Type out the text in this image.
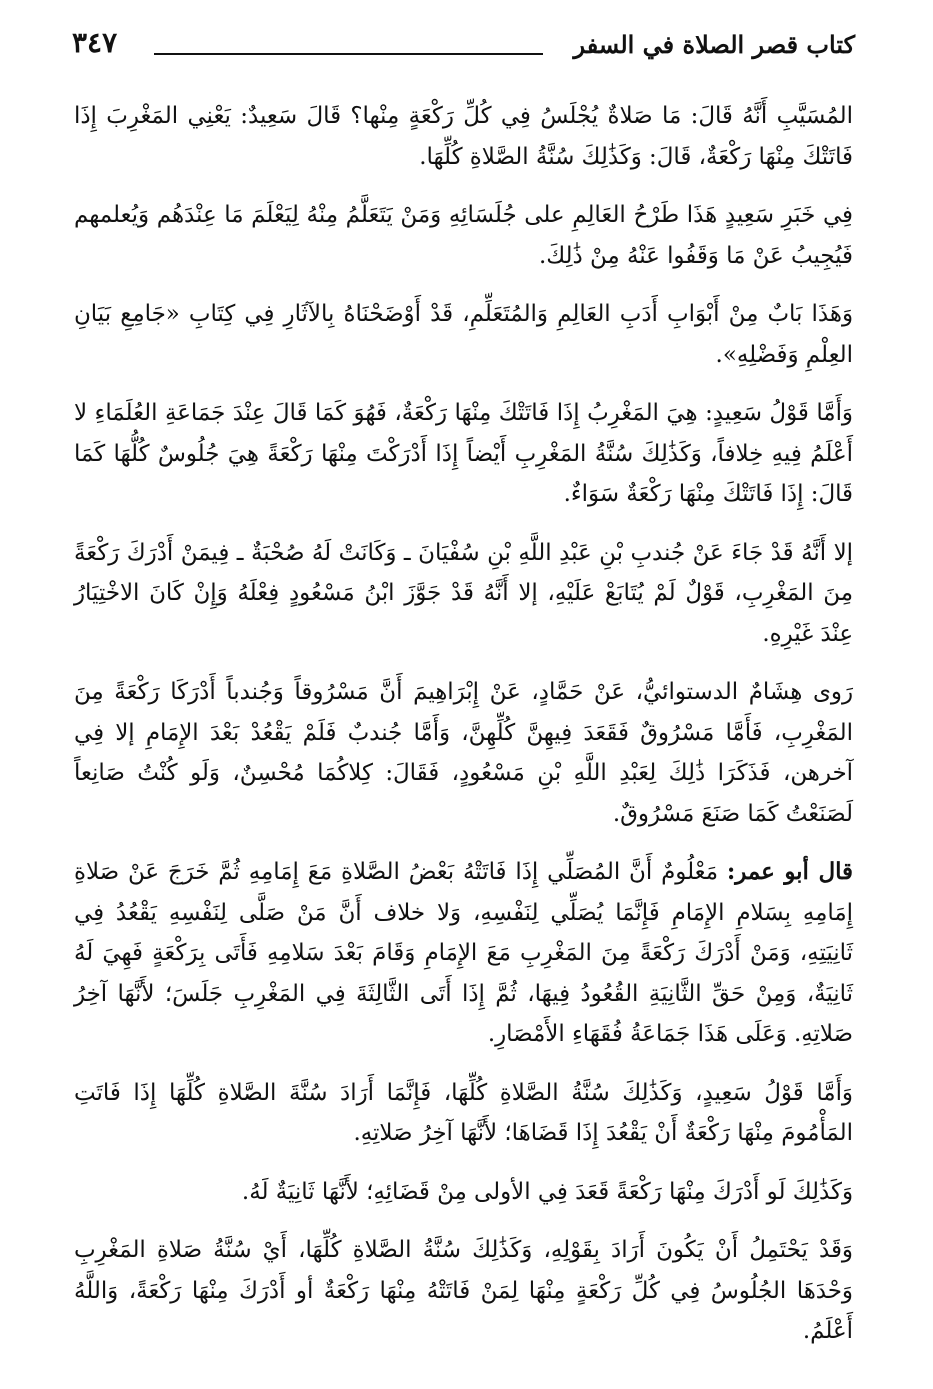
كتاب قصر الصلاة في السفر
٣٤٧

المُسَيَّبِ أَنَّهُ قَالَ: مَا صَلاةٌ يُجْلَسُ فِي كُلِّ رَكْعَةٍ مِنْها؟ قَالَ سَعِيدٌ: يَعْنِي المَغْرِبَ إِذَا فَاتَتْكَ مِنْهَا رَكْعَةٌ، قَالَ: وَكَذَٰلِكَ سُنَّةُ الصَّلاةِ كُلِّهَا.

فِي خَبَرِ سَعِيدٍ هَذَا طَرْحُ العَالِمِ على جُلَسَائِهِ وَمَنْ يَتَعَلَّمُ مِنْهُ لِيَعْلَمَ مَا عِنْدَهُم وَيُعلمهم فَيُجِيبُ عَنْ مَا وَقَفُوا عَنْهُ مِنْ ذَٰلِكَ.

وَهَذَا بَابٌ مِنْ أَبْوَابِ أَدَبِ العَالِمِ وَالمُتَعَلِّمِ، قَدْ أَوْضَحْنَاهُ بِالآثَارِ فِي كِتَابِ «جَامِعِ بَيَانِ العِلْمِ وَفَضْلِهِ».

وَأَمَّا قَوْلُ سَعِيدٍ: هِيَ المَغْرِبُ إِذَا فَاتَتْكَ مِنْهَا رَكْعَةٌ، فَهُوَ كَمَا قَالَ عِنْدَ جَمَاعَةِ العُلَمَاءِ لا أَعْلَمُ فِيهِ خِلافاً، وَكَذَٰلِكَ سُنَّةُ المَغْرِبِ أَيْضاً إِذَا أَدْرَكْتَ مِنْهَا رَكْعَةً هِيَ جُلُوسٌ كُلُّهَا كَمَا قَالَ: إِذَا فَاتَتْكَ مِنْهَا رَكْعَةٌ سَوَاءٌ.

إلا أَنَّهُ قَدْ جَاءَ عَنْ جُندبِ بْنِ عَبْدِ اللَّهِ بْنِ سُفْيَانَ ـ وَكَانَتْ لَهُ صُحْبَةٌ ـ فِيمَنْ أَدْرَكَ رَكْعَةً مِنَ المَغْرِبِ، قَوْلٌ لَمْ يُتَابَعْ عَلَيْهِ، إلا أَنَّهُ قَدْ جَوَّزَ ابْنُ مَسْعُودٍ فِعْلَهُ وَإِنْ كَانَ الاخْتِيَارُ عِنْدَ غَيْرِهِ.

رَوى هِشَامٌ الدستوائيُّ، عَنْ حَمَّادٍ، عَنْ إِبْرَاهِيمَ أَنَّ مَسْرُوقاً وَجُندباً أَدْرَكَا رَكْعَةً مِنَ المَغْرِبِ، فَأَمَّا مَسْرُوقٌ فَقَعَدَ فِيهِنَّ كُلِّهِنَّ، وَأَمَّا جُندبٌ فَلَمْ يَقْعُدْ بَعْدَ الإِمَامِ إلا فِي آخرهن، فَذَكَرَا ذَٰلِكَ لِعَبْدِ اللَّهِ بْنِ مَسْعُودٍ، فَقَالَ: كِلاكُمَا مُحْسِنٌ، وَلَو كُنْتُ صَانِعاً لَصَنَعْتُ كَمَا صَنَعَ مَسْرُوقٌ.

قال أبو عمر: مَعْلُومٌ أَنَّ المُصَلِّي إِذَا فَاتَتْهُ بَعْضُ الصَّلاةِ مَعَ إِمَامِهِ ثُمَّ خَرَجَ عَنْ صَلاةِ إِمَامِهِ بِسَلامِ الإِمَامِ فَإِنَّمَا يُصَلِّي لِنَفْسِهِ، وَلا خلاف أَنَّ مَنْ صَلَّى لِنَفْسِهِ يَقْعُدُ فِي ثَانِيَتِهِ، وَمَنْ أَدْرَكَ رَكْعَةً مِنَ المَغْرِبِ مَعَ الإِمَامِ وَقَامَ بَعْدَ سَلامِهِ فَأَتَى بِرَكْعَةٍ فَهِيَ لَهُ ثَانِيَةٌ، وَمِنْ حَقِّ الثَّانِيَةِ القُعُودُ فِيهَا، ثُمَّ إِذَا أَتَى الثَّالِثَةَ فِي المَغْرِبِ جَلَسَ؛ لأَنَّهَا آخِرُ صَلاتِهِ. وَعَلَى هَذَا جَمَاعَةُ فُقَهَاءِ الأَمْصَارِ.

وَأَمَّا قَوْلُ سَعِيدٍ، وَكَذَٰلِكَ سُنَّةُ الصَّلاةِ كُلِّهَا، فَإِنَّمَا أَرَادَ سُنَّةَ الصَّلاةِ كُلِّهَا إِذَا فَاتَتِ المَأْمُومَ مِنْهَا رَكْعَةٌ أَنْ يَقْعُدَ إِذَا قَضَاهَا؛ لأَنَّهَا آخِرُ صَلاتِهِ.

وَكَذَٰلِكَ لَو أَدْرَكَ مِنْهَا رَكْعَةً قَعَدَ فِي الأولى مِنْ قَضَائِهِ؛ لأَنَّهَا ثَانِيَةٌ لَهُ.

وَقَدْ يَحْتَمِلُ أَنْ يَكُونَ أَرَادَ بِقَوْلِهِ، وَكَذَٰلِكَ سُنَّةُ الصَّلاةِ كُلِّهَا، أَيْ سُنَّةُ صَلاةِ المَغْرِبِ وَحْدَهَا الجُلُوسُ فِي كُلِّ رَكْعَةٍ مِنْهَا لِمَنْ فَاتَتْهُ مِنْهَا رَكْعَةٌ أو أَدْرَكَ مِنْهَا رَكْعَةً، وَاللَّهُ أَعْلَمُ.
